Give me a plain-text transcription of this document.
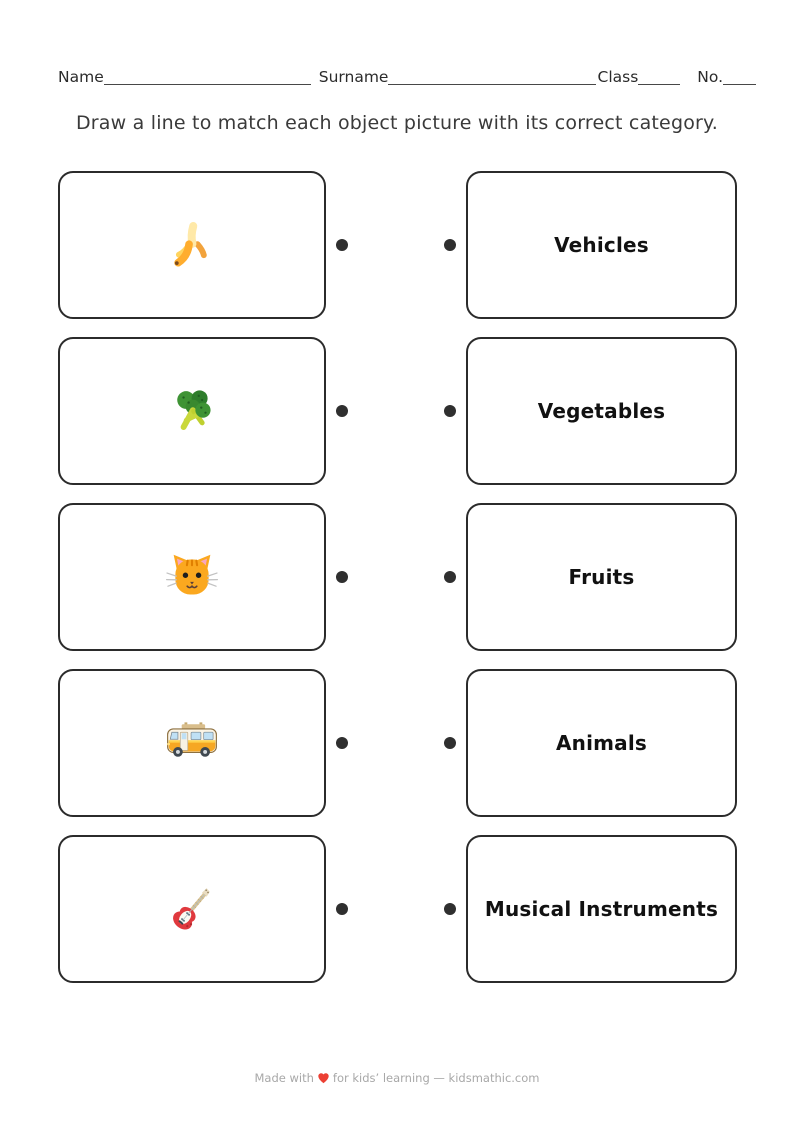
Name	Surname	Class	No.
Draw a line to match each object picture with its correct category.
Vehicles
Vegetables
Fruits
Animals
Musical Instruments
Made with for kids’ learning — kidsmathic.com
